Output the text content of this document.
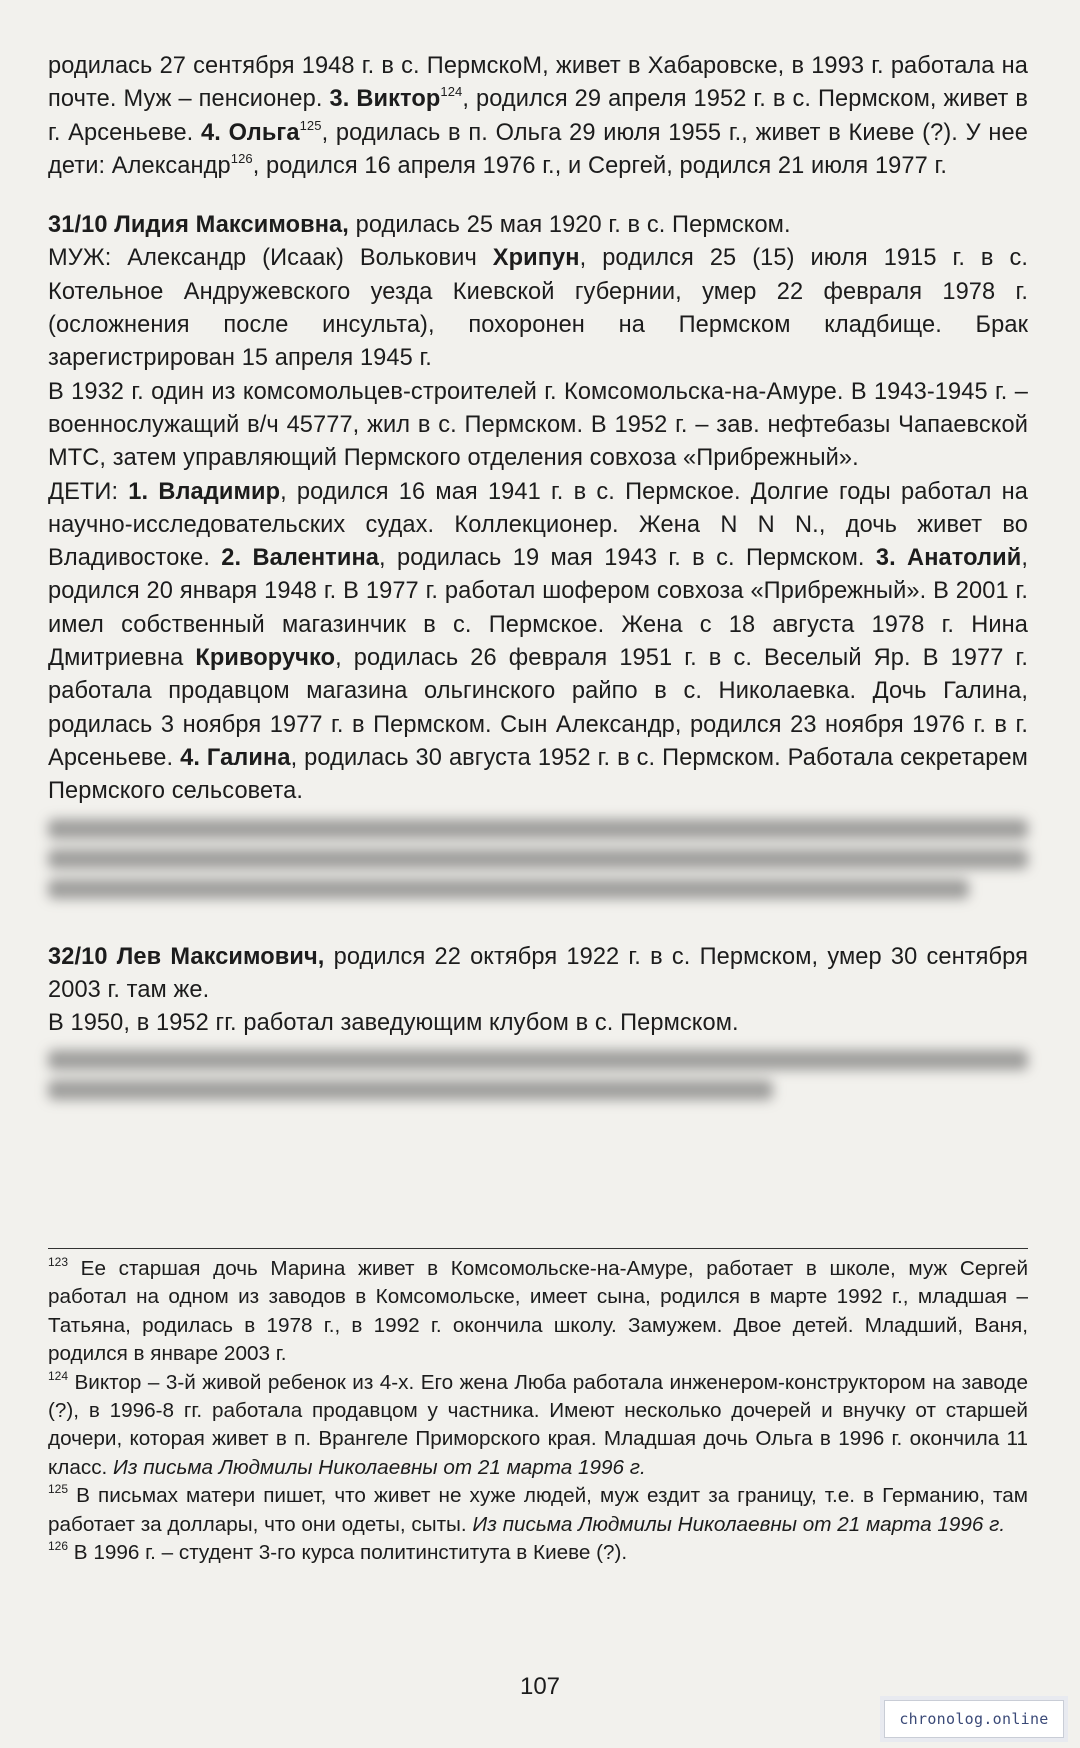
родилась 27 сентября 1948 г. в с. ПермскоМ, живет в Хабаровске, в 1993 г. работала на почте. Муж – пенсионер. 3. Виктор$^{124}$, родился 29 апреля 1952 г. в с. Пермском, живет в г. Арсеньеве. 4. Ольга$^{125}$, родилась в п. Ольга 29 июля 1955 г., живет в Киеве (?). У нее дети: Александр$^{126}$, родился 16 апреля 1976 г., и Сергей, родился 21 июля 1977 г.

31/10 Лидия Максимовна, родилась 25 мая 1920 г. в с. Пермском.

МУЖ: Александр (Исаак) Волькович Хрипун, родился 25 (15) июля 1915 г. в с. Котельное Андружевского уезда Киевской губернии, умер 22 февраля 1978 г. (осложнения после инсульта), похоронен на Пермском кладбище. Брак зарегистрирован 15 апреля 1945 г.

В 1932 г. один из комсомольцев-строителей г. Комсомольска-на-Амуре. В 1943-1945 г. – военнослужащий в/ч 45777, жил в с. Пермском. В 1952 г. – зав. нефтебазы Чапаевской МТС, затем управляющий Пермского отделения совхоза «Прибрежный».

ДЕТИ: 1. Владимир, родился 16 мая 1941 г. в с. Пермское. Долгие годы работал на научно-исследовательских судах. Коллекционер. Жена N N N., дочь живет во Владивостоке. 2. Валентина, родилась 19 мая 1943 г. в с. Пермском. 3. Анатолий, родился 20 января 1948 г. В 1977 г. работал шофером совхоза «Прибрежный». В 2001 г. имел собственный магазинчик в с. Пермское. Жена с 18 августа 1978 г. Нина Дмитриевна Криворучко, родилась 26 февраля 1951 г. в с. Веселый Яр. В 1977 г. работала продавцом магазина ольгинского райпо в с. Николаевка. Дочь Галина, родилась 3 ноября 1977 г. в Пермском. Сын Александр, родился 23 ноября 1976 г. в г. Арсеньеве. 4. Галина, родилась 30 августа 1952 г. в с. Пермском. Работала секретарем Пермского сельсовета.

32/10 Лев Максимович, родился 22 октября 1922 г. в с. Пермском, умер 30 сентября 2003 г. там же.

В 1950, в 1952 гг. работал заведующим клубом в с. Пермском.

$^{123}$ Ее старшая дочь Марина живет в Комсомольске-на-Амуре, работает в школе, муж Сергей работал на одном из заводов в Комсомольске, имеет сына, родился в марте 1992 г., младшая – Татьяна, родилась в 1978 г., в 1992 г. окончила школу. Замужем. Двое детей. Младший, Ваня, родился в январе 2003 г.

$^{124}$ Виктор – 3-й живой ребенок из 4-х. Его жена Люба работала инженером-конструктором на заводе (?), в 1996-8 гг. работала продавцом у частника. Имеют несколько дочерей и внучку от старшей дочери, которая живет в п. Врангеле Приморского края. Младшая дочь Ольга в 1996 г. окончила 11 класс. Из письма Людмилы Николаевны от 21 марта 1996 г.

$^{125}$ В письмах матери пишет, что живет не хуже людей, муж ездит за границу, т.е. в Германию, там работает за доллары, что они одеты, сыты. Из письма Людмилы Николаевны от 21 марта 1996 г.

$^{126}$ В 1996 г. – студент 3-го курса политинститута в Киеве (?).

107
chronolog.online
